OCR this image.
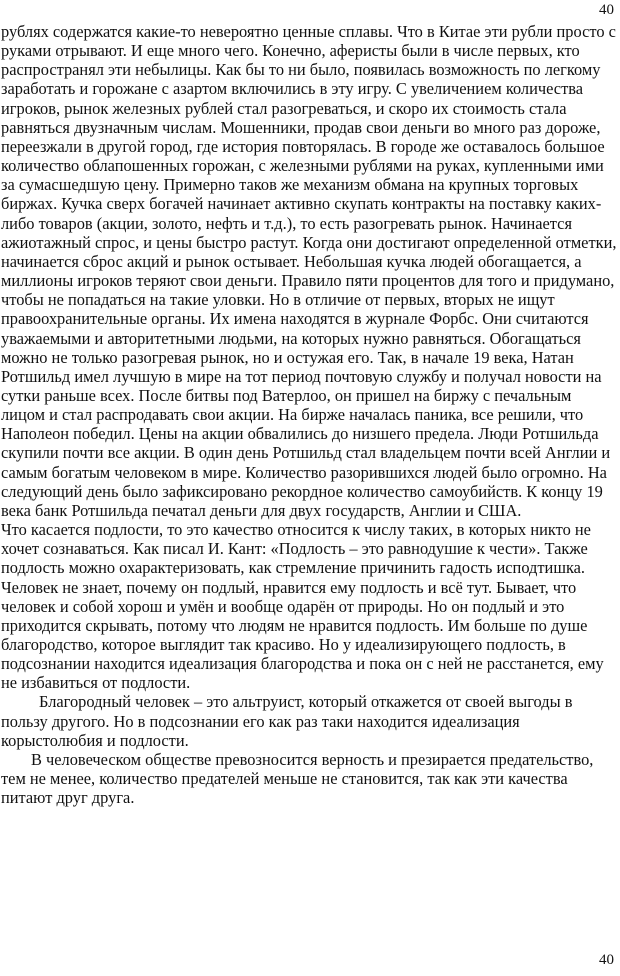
40

рублях содержатся какие-то невероятно ценные сплавы. Что в Китае эти рубли просто с руками отрывают. И еще много чего. Конечно, аферисты были в числе первых, кто распространял эти небылицы. Как бы то ни было, появилась возможность по легкому заработать и горожане с азартом включились в эту игру. С увеличением количества игроков, рынок железных рублей стал разогреваться, и скоро их стоимость стала равняться двузначным числам. Мошенники, продав свои деньги во много раз дороже, переезжали в другой город, где история повторялась. В городе же оставалось большое количество облапошенных горожан, с железными рублями на руках, купленными ими за сумасшедшую цену. Примерно таков же механизм обмана на крупных торговых биржах. Кучка сверх богачей начинает активно скупать контракты на поставку каких-либо товаров (акции, золото, нефть и т.д.), то есть разогревать рынок. Начинается ажиотажный спрос, и цены быстро растут. Когда они достигают определенной отметки, начинается сброс акций и рынок остывает. Небольшая кучка людей обогащается, а миллионы игроков теряют свои деньги. Правило пяти процентов для того и придумано, чтобы не попадаться на такие уловки. Но в отличие от первых, вторых не ищут правоохранительные органы. Их имена находятся в журнале Форбс. Они считаются уважаемыми и авторитетными людьми, на которых нужно равняться. Обогащаться можно не только разогревая рынок, но и остужая его. Так, в начале 19 века, Натан Ротшильд имел лучшую в мире на тот период почтовую службу и получал новости на сутки раньше всех. После битвы под Ватерлоо, он пришел на биржу с печальным лицом и стал распродавать свои акции. На бирже началась паника, все решили, что Наполеон победил. Цены на акции обвалились до низшего предела. Люди Ротшильда скупили почти все акции. В один день Ротшильд стал владельцем почти всей Англии и самым богатым человеком в мире. Количество разорившихся людей было огромно. На следующий день было зафиксировано рекордное количество самоубийств. К концу 19 века банк Ротшильда печатал деньги для двух государств, Англии и США.

Что касается подлости, то это качество относится к числу таких, в которых никто не хочет сознаваться. Как писал И. Кант: «Подлость – это равнодушие к чести». Также подлость можно охарактеризовать, как стремление причинить гадость исподтишка. Человек не знает, почему он подлый, нравится ему подлость и всё тут. Бывает, что человек и собой хорош и умён и вообще одарён от природы. Но он подлый и это приходится скрывать, потому что людям не нравится подлость. Им больше по душе благородство, которое выглядит так красиво. Но у идеализирующего подлость, в подсознании находится идеализация благородства и пока он с ней не расстанется, ему не избавиться от подлости.

Благородный человек – это альтруист, который откажется от своей выгоды в пользу другого. Но в подсознании его как раз таки находится идеализация корыстолюбия и подлости.

В человеческом обществе превозносится верность и презирается предательство, тем не менее, количество предателей меньше не становится, так как эти качества питают друг друга.

40
